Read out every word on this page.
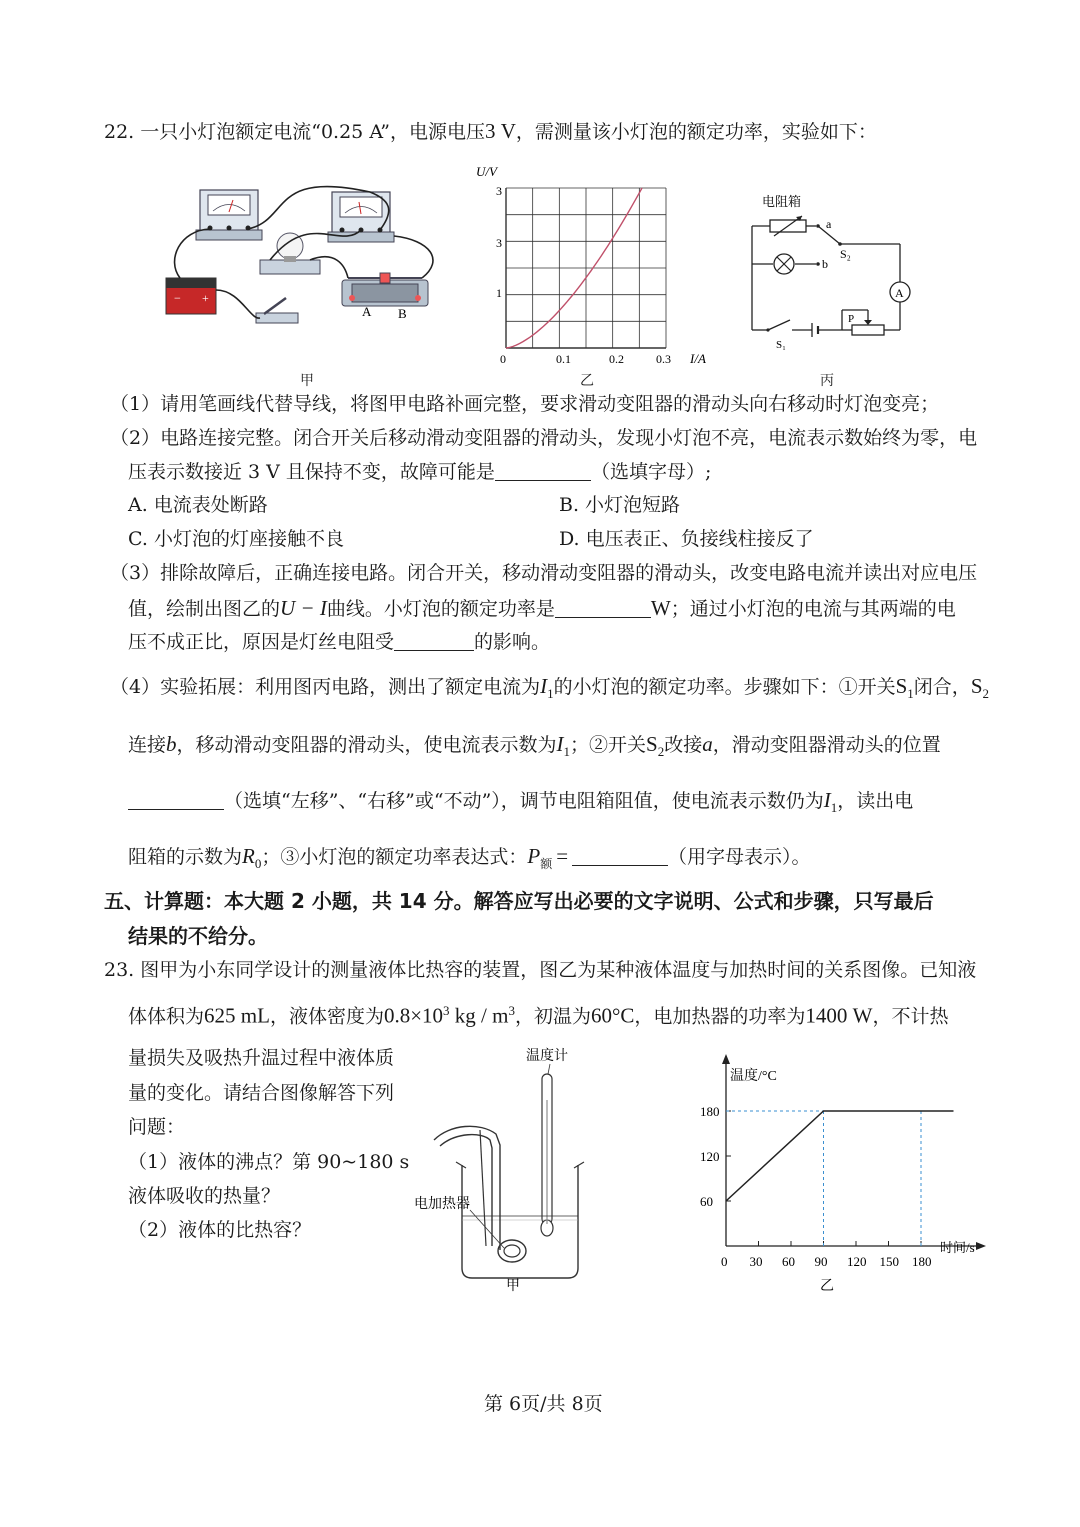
22. 一只小灯泡额定电流“0.25 A”，电源电压3 V，需测量该小灯泡的额定功率，实验如下：
− +
A B
甲
U/V
I/A
3
3
1
0	0.1	0.2	0.3
乙
电阻箱
a
b
S₂
A
S₁
P
丙
（1）请用笔画线代替导线，将图甲电路补画完整，要求滑动变阻器的滑动头向右移动时灯泡变亮；
（2）电路连接完整。闭合开关后移动滑动变阻器的滑动头，发现小灯泡不亮，电流表示数始终为零，电
压表示数接近 3 V 且保持不变，故障可能是	（选填字母）;
A. 电流表处断路	B. 小灯泡短路
C. 小灯泡的灯座接触不良	D. 电压表正、负接线柱接反了
（3）排除故障后，正确连接电路。闭合开关，移动滑动变阻器的滑动头，改变电路电流并读出对应电压
值，绘制出图乙的U − I曲线。小灯泡的额定功率是	W；通过小灯泡的电流与其两端的电
压不成正比，原因是灯丝电阻受	的影响。
（4）实验拓展：利用图丙电路，测出了额定电流为$I_1$的小灯泡的额定功率。步骤如下：①开关$S_1$闭合，$S_2$
连接b，移动滑动变阻器的滑动头，使电流表示数为$I_1$；②开关$S_2$改接a，滑动变阻器滑动头的位置
（选填“左移”、“右移”或“不动”），调节电阻箱阻值，使电流表示数仍为$I_1$，读出电
阻箱的示数为$R_0$；③小灯泡的额定功率表达式：$P_额$ =	（用字母表示）。
五、计算题：本大题 2 小题，共 14 分。解答应写出必要的文字说明、公式和步骤，只写最后
结果的不给分。
23. 图甲为小东同学设计的测量液体比热容的装置，图乙为某种液体温度与加热时间的关系图像。已知液
体体积为625 mL，液体密度为$0.8\times 10^3$ kg / $m^3$，初温为60°C，电加热器的功率为1400 W，不计热
量损失及吸热升温过程中液体质
量的变化。请结合图像解答下列
问题：
（1）液体的沸点？第 90~180 s
液体吸收的热量？
（2）液体的比热容？
温度计
电加热器
甲
温度/°C
时间/s
0 30 60 90 120 150 180
60
120
180
乙
第 6页/共 8页
